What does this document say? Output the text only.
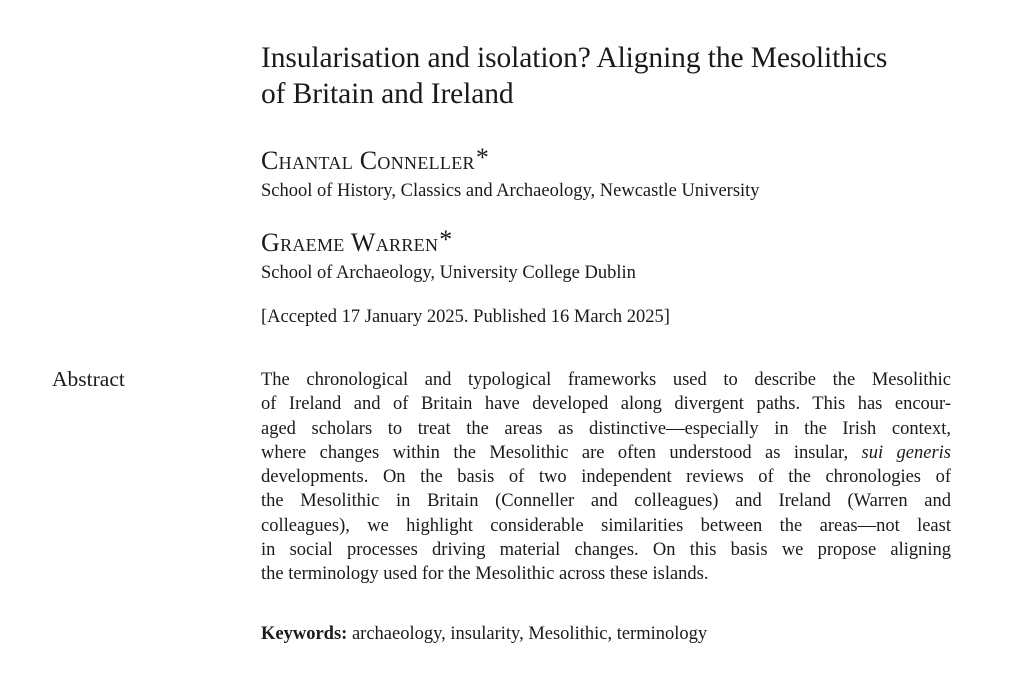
Insularisation and isolation? Aligning the Mesolithics
of Britain and Ireland

Chantal Conneller*

School of History, Classics and Archaeology, Newcastle University

Graeme Warren*

School of Archaeology, University College Dublin

[Accepted 17 January 2025. Published 16 March 2025]

Abstract	The chronological and typological frameworks used to describe the Mesolithic
of Ireland and of Britain have developed along divergent paths. This has encour-
aged scholars to treat the areas as distinctive—especially in the Irish context,
where changes within the Mesolithic are often understood as insular, sui generis
developments. On the basis of two independent reviews of the chronologies of
the Mesolithic in Britain (Conneller and colleagues) and Ireland (Warren and
colleagues), we highlight considerable similarities between the areas—not least
in social processes driving material changes. On this basis we propose aligning
the terminology used for the Mesolithic across these islands.

Keywords: archaeology, insularity, Mesolithic, terminology
